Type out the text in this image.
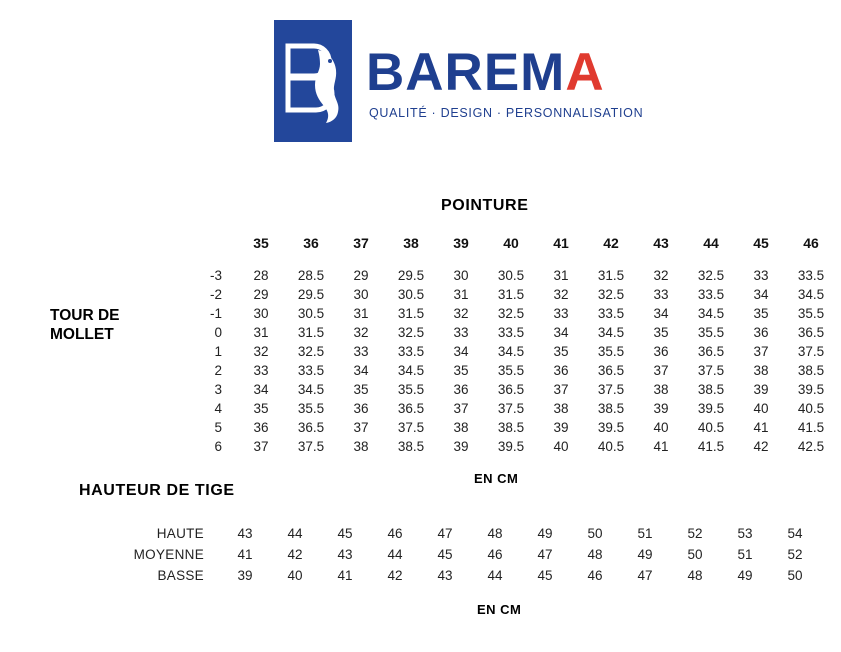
BAREMA
QUALITÉ · DESIGN · PERSONNALISATION
POINTURE
TOUR DE MOLLET
HAUTEUR DE TIGE
EN CM
EN CM
	35	36	37	38	39	40	41	42	43	44	45	46
-3	28	28.5	29	29.5	30	30.5	31	31.5	32	32.5	33	33.5
-2	29	29.5	30	30.5	31	31.5	32	32.5	33	33.5	34	34.5
-1	30	30.5	31	31.5	32	32.5	33	33.5	34	34.5	35	35.5
0	31	31.5	32	32.5	33	33.5	34	34.5	35	35.5	36	36.5
1	32	32.5	33	33.5	34	34.5	35	35.5	36	36.5	37	37.5
2	33	33.5	34	34.5	35	35.5	36	36.5	37	37.5	38	38.5
3	34	34.5	35	35.5	36	36.5	37	37.5	38	38.5	39	39.5
4	35	35.5	36	36.5	37	37.5	38	38.5	39	39.5	40	40.5
5	36	36.5	37	37.5	38	38.5	39	39.5	40	40.5	41	41.5
6	37	37.5	38	38.5	39	39.5	40	40.5	41	41.5	42	42.5
HAUTE	43	44	45	46	47	48	49	50	51	52	53	54
MOYENNE	41	42	43	44	45	46	47	48	49	50	51	52
BASSE	39	40	41	42	43	44	45	46	47	48	49	50
